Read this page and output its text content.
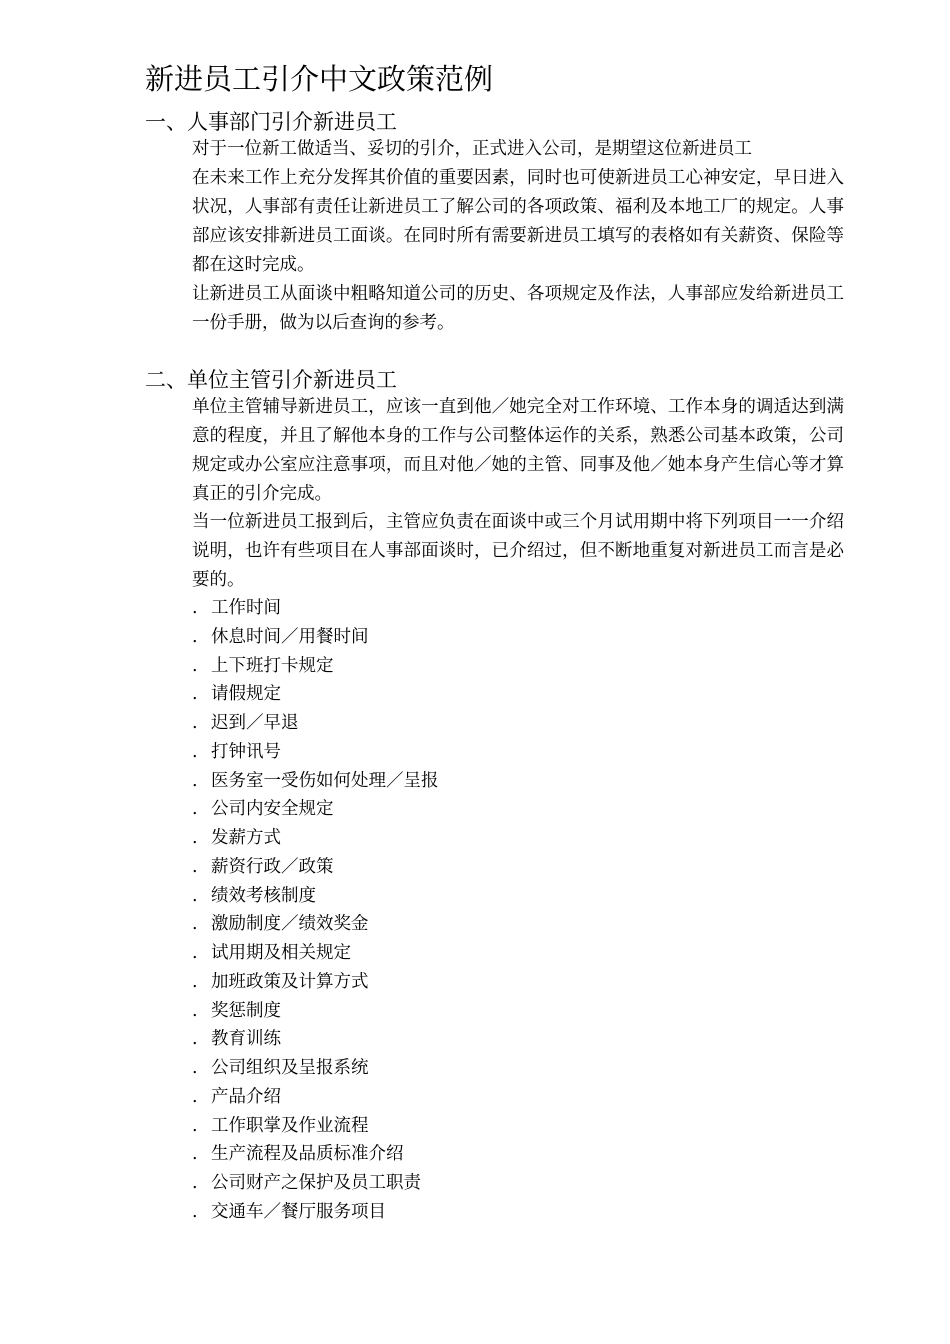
新进员工引介中文政策范例
一、人事部门引介新进员工

对于一位新工做适当、妥切的引介，正式进入公司，是期望这位新进员工

在未来工作上充分发挥其价值的重要因素，同时也可使新进员工心神安定，早日进入状况，人事部有责任让新进员工了解公司的各项政策、福利及本地工厂的规定。人事部应该安排新进员工面谈。在同时所有需要新进员工填写的表格如有关薪资、保险等都在这时完成。

让新进员工从面谈中粗略知道公司的历史、各项规定及作法，人事部应发给新进员工一份手册，做为以后查询的参考。

二、单位主管引介新进员工

单位主管辅导新进员工，应该一直到他／她完全对工作环境、工作本身的调适达到满意的程度，并且了解他本身的工作与公司整体运作的关系，熟悉公司基本政策，公司规定或办公室应注意事项，而且对他／她的主管、同事及他／她本身产生信心等才算真正的引介完成。

当一位新进员工报到后，主管应负责在面谈中或三个月试用期中将下列项目一一介绍说明，也许有些项目在人事部面谈时，已介绍过，但不断地重复对新进员工而言是必要的。

. 工作时间
. 休息时间／用餐时间
. 上下班打卡规定
. 请假规定
. 迟到／早退
. 打钟讯号
. 医务室一受伤如何处理／呈报
. 公司内安全规定
. 发薪方式
. 薪资行政／政策
. 绩效考核制度
. 激励制度／绩效奖金
. 试用期及相关规定
. 加班政策及计算方式
. 奖惩制度
. 教育训练
. 公司组织及呈报系统
. 产品介绍
. 工作职掌及作业流程
. 生产流程及品质标准介绍
. 公司财产之保护及员工职责
. 交通车／餐厅服务项目
